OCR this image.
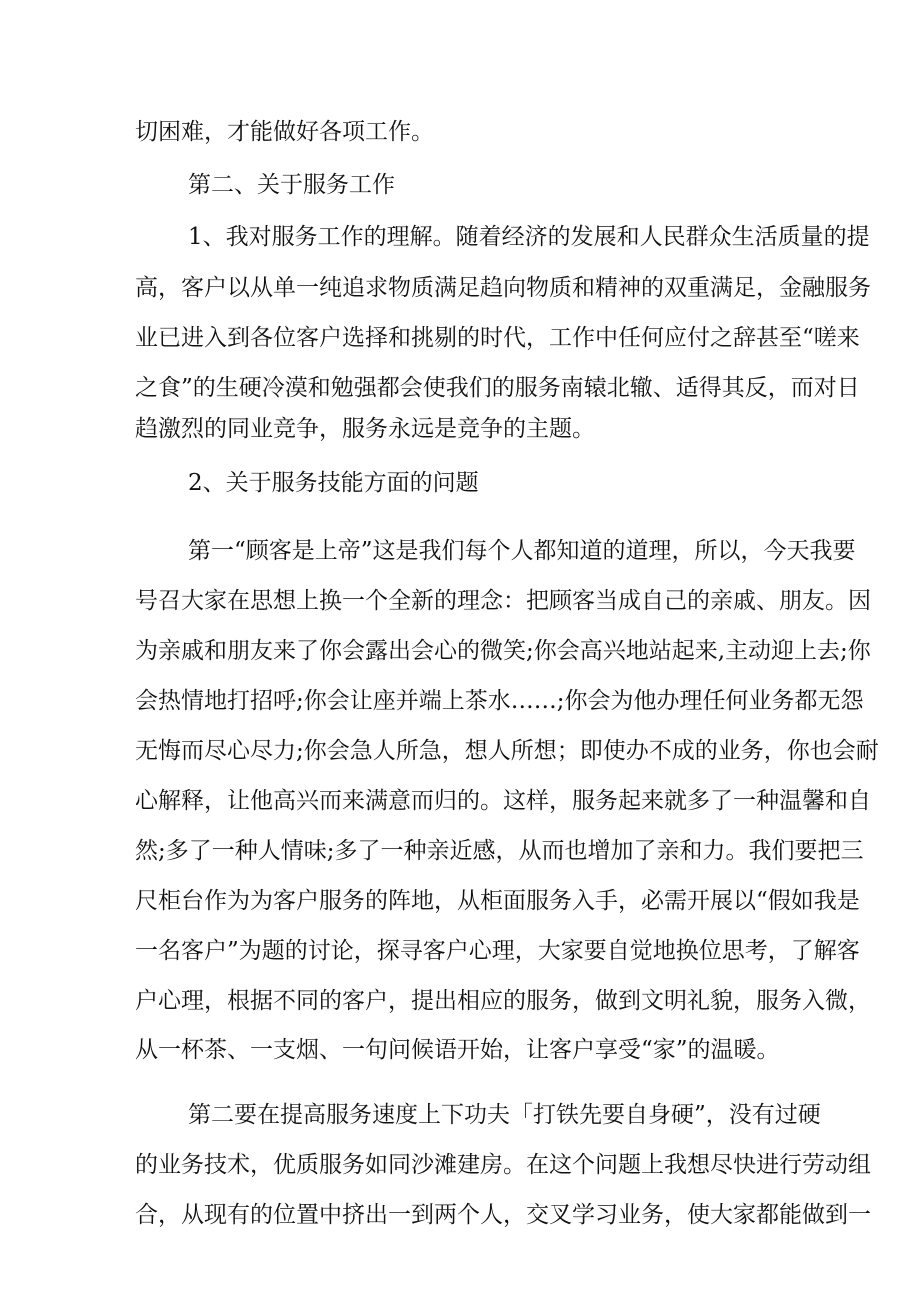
切困难，才能做好各项工作。
第二、关于服务工作
1、我对服务工作的理解。随着经济的发展和人民群众生活质量的提
高，客户以从单一纯追求物质满足趋向物质和精神的双重满足，金融服务
业已进入到各位客户选择和挑剔的时代，工作中任何应付之辞甚至“嗟来
之食”的生硬冷漠和勉强都会使我们的服务南辕北辙、适得其反，而对日
趋激烈的同业竞争，服务永远是竞争的主题。
2、关于服务技能方面的问题
第一“顾客是上帝”这是我们每个人都知道的道理，所以，今天我要
号召大家在思想上换一个全新的理念：把顾客当成自己的亲戚、朋友。因
为亲戚和朋友来了你会露出会心的微笑;你会高兴地站起来,主动迎上去;你
会热情地打招呼;你会让座并端上茶水……;你会为他办理任何业务都无怨
无悔而尽心尽力;你会急人所急，想人所想；即使办不成的业务，你也会耐
心解释，让他高兴而来满意而归的。这样，服务起来就多了一种温馨和自
然;多了一种人情味;多了一种亲近感，从而也增加了亲和力。我们要把三
尺柜台作为为客户服务的阵地，从柜面服务入手，必需开展以“假如我是
一名客户”为题的讨论，探寻客户心理，大家要自觉地换位思考，了解客
户心理，根据不同的客户，提出相应的服务，做到文明礼貌，服务入微，
从一杯茶、一支烟、一句问候语开始，让客户享受“家”的温暖。
第二要在提高服务速度上下功夫「打铁先要自身硬”，没有过硬
的业务技术，优质服务如同沙滩建房。在这个问题上我想尽快进行劳动组
合，从现有的位置中挤出一到两个人，交叉学习业务，使大家都能做到一
